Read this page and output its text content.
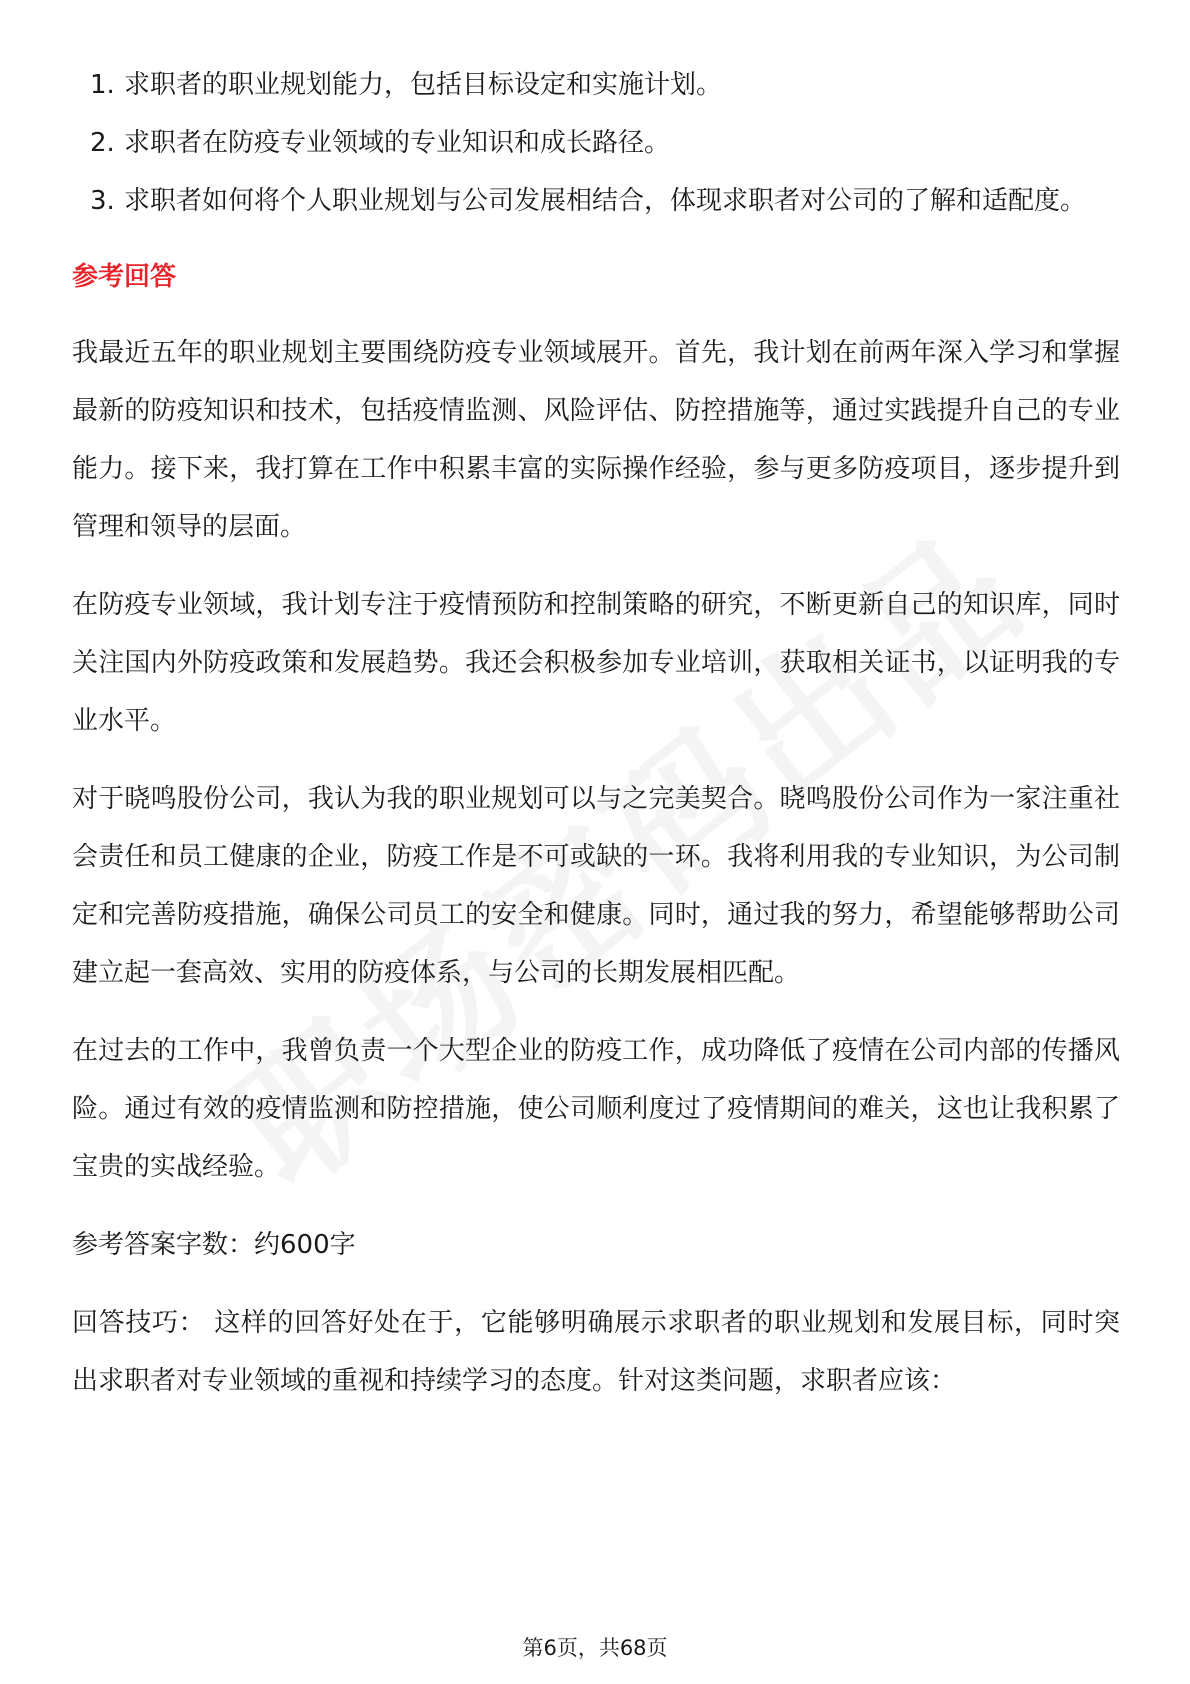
1. 求职者的职业规划能力，包括目标设定和实施计划。
2. 求职者在防疫专业领域的专业知识和成长路径。
3. 求职者如何将个人职业规划与公司发展相结合，体现求职者对公司的了解和适配度。
参考回答

我最近五年的职业规划主要围绕防疫专业领域展开。首先，我计划在前两年深入学习和掌握最新的防疫知识和技术，包括疫情监测、风险评估、防控措施等，通过实践提升自己的专业能力。接下来，我打算在工作中积累丰富的实际操作经验，参与更多防疫项目，逐步提升到管理和领导的层面。

在防疫专业领域，我计划专注于疫情预防和控制策略的研究，不断更新自己的知识库，同时关注国内外防疫政策和发展趋势。我还会积极参加专业培训，获取相关证书，以证明我的专业水平。

对于晓鸣股份公司，我认为我的职业规划可以与之完美契合。晓鸣股份公司作为一家注重社会责任和员工健康的企业，防疫工作是不可或缺的一环。我将利用我的专业知识，为公司制定和完善防疫措施，确保公司员工的安全和健康。同时，通过我的努力，希望能够帮助公司建立起一套高效、实用的防疫体系，与公司的长期发展相匹配。

在过去的工作中，我曾负责一个大型企业的防疫工作，成功降低了疫情在公司内部的传播风险。通过有效的疫情监测和防控措施，使公司顺利度过了疫情期间的难关，这也让我积累了宝贵的实战经验。

参考答案字数：约600字

回答技巧： 这样的回答好处在于，它能够明确展示求职者的职业规划和发展目标，同时突出求职者对专业领域的重视和持续学习的态度。针对这类问题，求职者应该：

第6页，共68页
